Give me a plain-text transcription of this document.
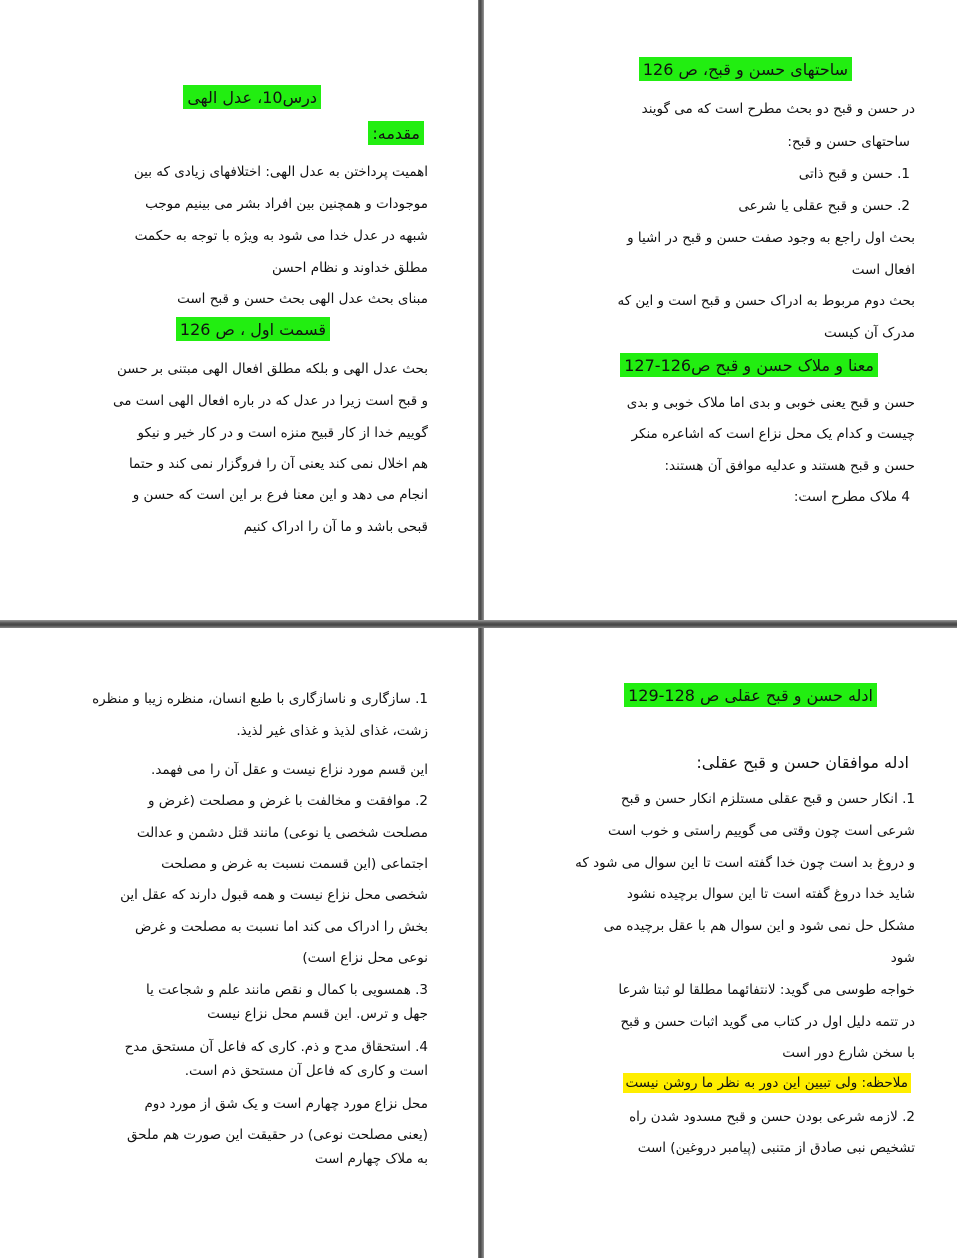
ساحتهای حسن و قبح، ص 126
در حسن و قبح دو بحث مطرح است که می گویند
ساحتهای حسن و قبح:
1. حسن و قبح ذاتی
2. حسن و قبح عقلی یا شرعی
بحث اول راجع به وجود صفت حسن و قبح در اشیا و
افعال است
بحث دوم مربوط به ادراک حسن و قبح است و این که
مدرک آن کیست
معنا و ملاک حسن و قبح ص126-127
حسن و قبح یعنی خوبی و بدی اما ملاک خوبی و بدی
چیست و کدام یک محل نزاع است که اشاعره منکر
حسن و قبح هستند و عدلیه موافق آن هستند:
4 ملاک مطرح است:
درس10، عدل الهی
مقدمه:
اهمیت پرداختن به عدل الهی: اختلافهای زیادی که بین
موجودات و همچنین بین افراد بشر می بینیم موجب
شبهه در عدل خدا می شود به ویژه با توجه به حکمت
مطلق خداوند و نظام احسن
مبنای بحث عدل الهی بحث حسن و قبح است
قسمت اول ، ص 126
بحث عدل الهی و بلکه مطلق افعال الهی مبتنی بر حسن
و قبح است زیرا در عدل که در باره افعال الهی است می
گوییم خدا از کار قبیح منزه است و در کار خیر و نیکو
هم اخلال نمی کند یعنی آن را فروگزار نمی کند و حتما
انجام می دهد و این معنا فرع بر این است که حسن و
قبحی باشد و ما آن را ادراک کنیم
ادله حسن و قبح عقلی ص 128-129
ادله موافقان حسن و قبح عقلی:
1. انکار حسن و قبح عقلی مستلزم انکار حسن و قبح
شرعی است چون وقتی می گوییم راستی و خوب است
و دروغ بد است چون خدا گفته است تا این سوال می شود که
شاید خدا دروغ گفته است تا این سوال برچیده نشود
مشکل حل نمی شود و این سوال هم با عقل برچیده می
شود
خواجه طوسی می گوید: لانتفائهما مطلقا لو ثبتا شرعا
در تتمه دلیل اول در کتاب می گوید اثبات حسن و قبح
با سخن شارع دور است
ملاحظه: ولی تبیین این دور به نظر ما روشن نیست
2. لازمه شرعی بودن حسن و قبح مسدود شدن راه
تشخیص نبی صادق از متنبی (پیامبر دروغین) است
1. سازگاری و ناسازگاری با طبع انسان، منظره زیبا و منظره
زشت، غذای لذیذ و غذای غیر لذیذ.
این قسم مورد نزاع نیست و عقل آن را می فهمد.
2. موافقت و مخالفت با غرض و مصلحت (غرض و
مصلحت شخصی یا نوعی) مانند قتل دشمن و عدالت
اجتماعی (این قسمت نسبت به غرض و مصلحت
شخصی محل نزاع نیست و همه قبول دارند که عقل این
بخش را ادراک می کند اما نسبت به مصلحت و غرض
نوعی محل نزاع است)
3. همسویی با کمال و نقص مانند علم و شجاعت یا
جهل و ترس. این قسم محل نزاع نیست
4. استحقاق مدح و ذم. کاری که فاعل آن مستحق مدح
است و کاری که فاعل آن مستحق ذم است.
محل نزاع مورد چهارم است و یک شق از مورد دوم
(یعنی مصلحت نوعی) در حقیقت این صورت هم ملحق
به ملاک چهارم است
